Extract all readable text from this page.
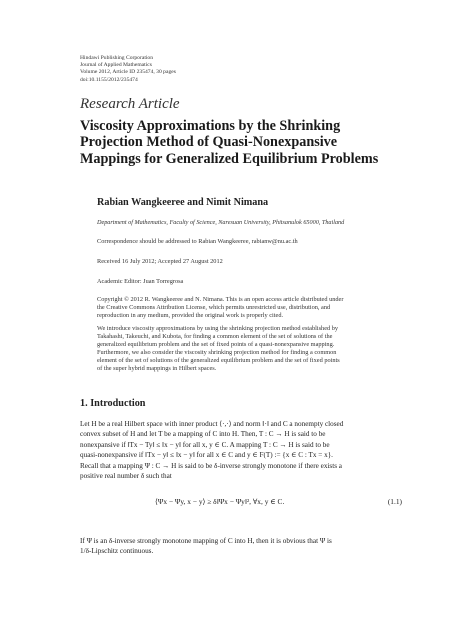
Hindawi Publishing Corporation
Journal of Applied Mathematics
Volume 2012, Article ID 235474, 30 pages
doi:10.1155/2012/235474
Research Article
Viscosity Approximations by the Shrinking
Projection Method of Quasi-Nonexpansive
Mappings for Generalized Equilibrium Problems
Rabian Wangkeeree and Nimit Nimana
Department of Mathematics, Faculty of Science, Naresuan University, Phitsanulok 65000, Thailand
Correspondence should be addressed to Rabian Wangkeeree, rabianw@nu.ac.th
Received 16 July 2012; Accepted 27 August 2012
Academic Editor: Juan Torregrosa
Copyright © 2012 R. Wangkeeree and N. Nimana. This is an open access article distributed under
the Creative Commons Attribution License, which permits unrestricted use, distribution, and
reproduction in any medium, provided the original work is properly cited.
We introduce viscosity approximations by using the shrinking projection method established by
Takahashi, Takeuchi, and Kubota, for finding a common element of the set of solutions of the
generalized equilibrium problem and the set of fixed points of a quasi-nonexpansive mapping.
Furthermore, we also consider the viscosity shrinking projection method for finding a common
element of the set of solutions of the generalized equilibrium problem and the set of fixed points
of the super hybrid mappings in Hilbert spaces.
1. Introduction
Let H be a real Hilbert space with inner product ⟨·,·⟩ and norm ‖·‖ and C a nonempty closed
convex subset of H and let T be a mapping of C into H. Then, T : C → H is said to be
nonexpansive if ‖Tx − Ty‖ ≤ ‖x − y‖ for all x, y ∈ C. A mapping T : C → H is said to be
quasi-nonexpansive if ‖Tx − y‖ ≤ ‖x − y‖ for all x ∈ C and y ∈ F(T) := {x ∈ C : Tx = x}.
Recall that a mapping Ψ : C → H is said to be δ-inverse strongly monotone if there exists a
positive real number δ such that
⟨Ψx − Ψy, x − y⟩ ≥ δ‖Ψx − Ψy‖², ∀x, y ∈ C.	(1.1)
If Ψ is an δ-inverse strongly monotone mapping of C into H, then it is obvious that Ψ is
1/δ-Lipschitz continuous.
